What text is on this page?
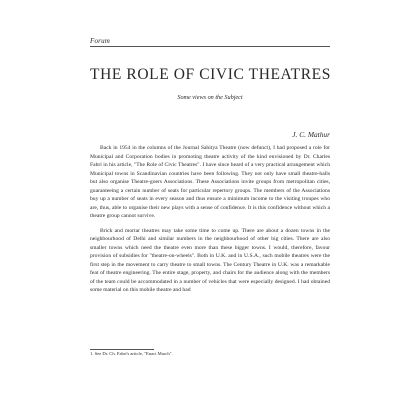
Forum
THE ROLE OF CIVIC THEATRES
Some views on the Subject
J. C. Mathur

Back in 1954 in the columns of the Journal Sahitya Theatre (now defunct), I had proposed a role for Municipal and Corporation bodies in promoting theatre activity of the kind envisioned by Dr. Charles Fabri in his article, "The Role of Civic Theatres". I have since heard of a very practical arrangement which Municipal towns in Scandinavian countries have been following. They not only have small theatre-halls but also organise Theatre-goers Associations. These Associations invite groups from metropolitan cities, guaranteeing a certain number of seats for particular repertory groups. The members of the Associations buy up a number of seats in every season and thus ensure a minimum income to the visiting troupes who are, thus, able to organise their new plays with a sense of confidence. It is this confidence without which a theatre group cannot survive.

Brick and mortar theatres may take some time to come up. There are about a dozen towns in the neighbourhood of Delhi and similar numbers in the neighbourhood of other big cities. There are also smaller towns which need the theatre even more than these bigger towns. I would, therefore, favour provision of subsidies for "theatre-on-wheels". Both in U.K. and in U.S.A., such mobile theatres were the first step in the movement to carry theatre to small towns. The Century Theatre in U.K. was a remarkable feat of theatre engineering. The entire stage, property, and chairs for the audience along with the members of the team could be accommodated in a number of vehicles that were especially designed. I had obtained some material on this mobile theatre and had

1. See Dr. Ch. Fabri's article, "Enact March".
